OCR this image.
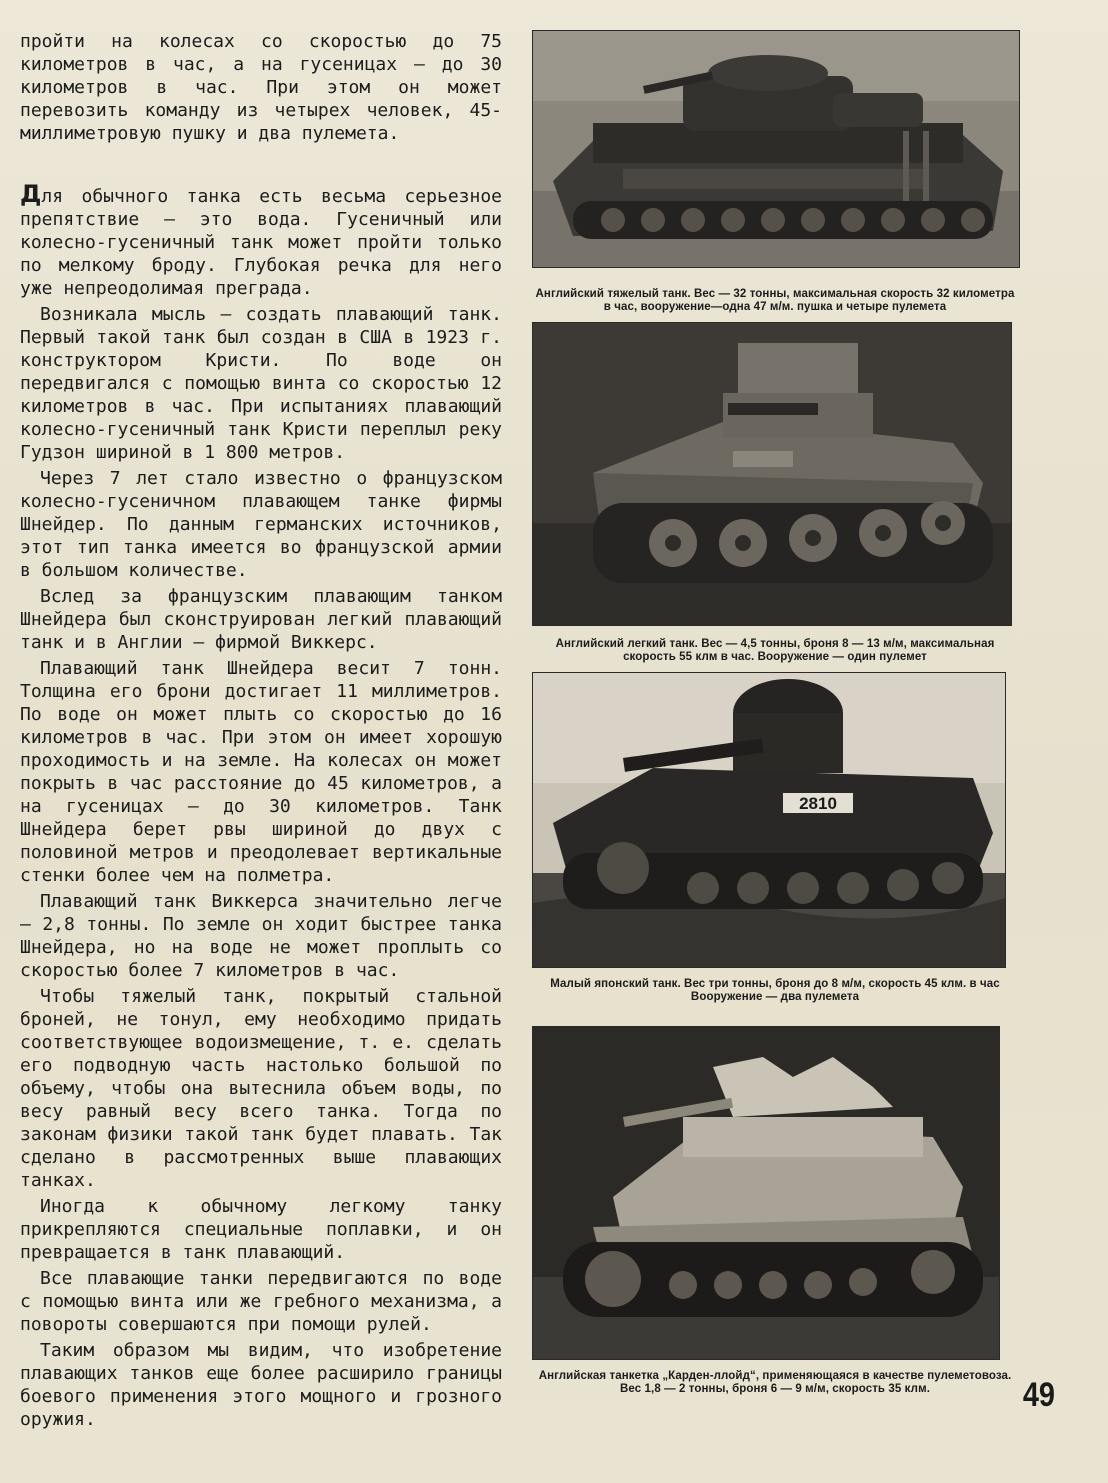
пройти на колесах со скоростью до 75 километров в час, а на гусеницах — до 30 километров в час. При этом он может перевозить команду из четырех человек, 45-миллиметровую пушку и два пулемета.

Для обычного танка есть весьма серьезное препятствие — это вода. Гусеничный или колесно-гусеничный танк может пройти только по мелкому броду. Глубокая речка для него уже непреодолимая преграда.

Возникала мысль — создать плавающий танк. Первый такой танк был создан в США в 1923 г. конструктором Кристи. По воде он передвигался с помощью винта со скоростью 12 километров в час. При испытаниях плавающий колесно-гусеничный танк Кристи переплыл реку Гудзон шириной в 1 800 метров.

Через 7 лет стало известно о французском колесно-гусеничном плавающем танке фирмы Шнейдер. По данным германских источников, этот тип танка имеется во французской армии в большом количестве.

Вслед за французским плавающим танком Шнейдера был сконструирован легкий плавающий танк и в Англии — фирмой Виккерс.

Плавающий танк Шнейдера весит 7 тонн. Толщина его брони достигает 11 миллиметров. По воде он может плыть со скоростью до 16 километров в час. При этом он имеет хорошую проходимость и на земле. На колесах он может покрыть в час расстояние до 45 километров, а на гусеницах — до 30 километров. Танк Шнейдера берет рвы шириной до двух с половиной метров и преодолевает вертикальные стенки более чем на полметра.

Плавающий танк Виккерса значительно легче — 2,8 тонны. По земле он ходит быстрее танка Шнейдера, но на воде не может проплыть со скоростью более 7 километров в час.

Чтобы тяжелый танк, покрытый стальной броней, не тонул, ему необходимо придать соответствующее водоизмещение, т. е. сделать его подводную часть настолько большой по объему, чтобы она вытеснила объем воды, по весу равный весу всего танка. Тогда по законам физики такой танк будет плавать. Так сделано в рассмотренных выше плавающих танках.

Иногда к обычному легкому танку прикрепляются специальные поплавки, и он превращается в танк плавающий.

Все плавающие танки передвигаются по воде с помощью винта или же гребного механизма, а повороты совершаются при помощи рулей.

Таким образом мы видим, что изобретение плавающих танков еще более расширило границы боевого применения этого мощного и грозного оружия.

Английский тяжелый танк. Вес — 32 тонны, максимальная скорость 32 километра в час, вооружение—одна 47 м/м. пушка и четыре пулемета
Английский легкий танк. Вес — 4,5 тонны, броня 8 — 13 м/м, максимальная скорость 55 клм в час. Вооружение — один пулемет
2810
Малый японский танк. Вес три тонны, броня до 8 м/м, скорость 45 клм. в час Вооружение — два пулемета
Английская танкетка „Карден-ллойд“, применяющаяся в качестве пулеметовоза. Вес 1,8 — 2 тонны, броня 6 — 9 м/м, скорость 35 клм.	49
